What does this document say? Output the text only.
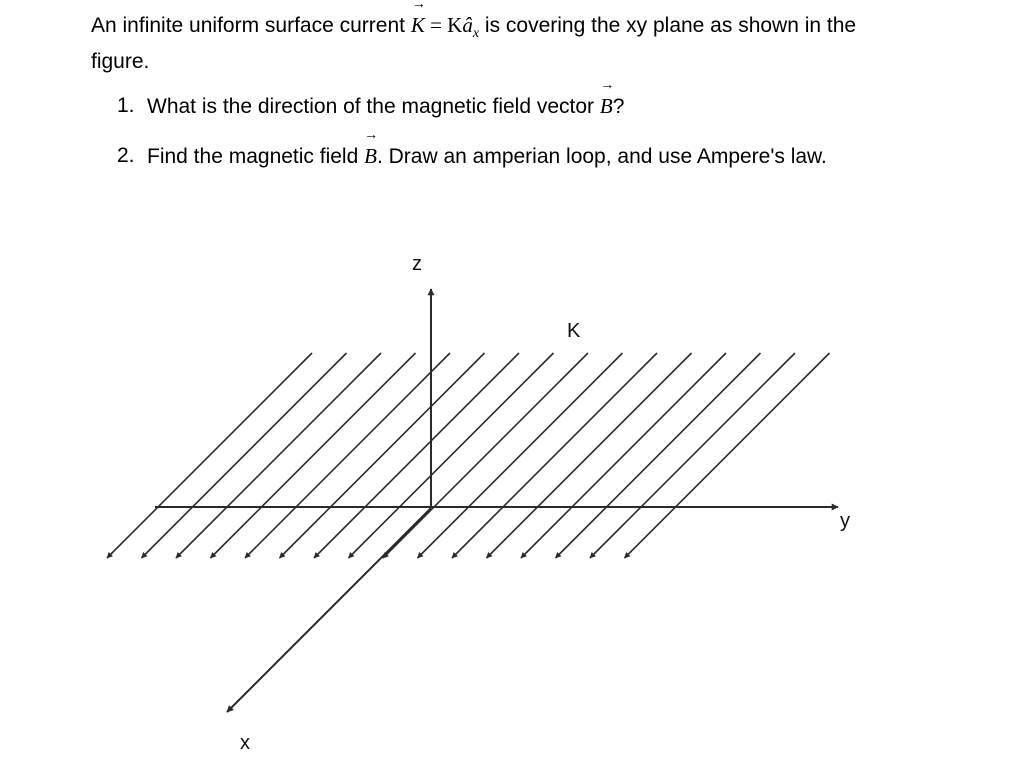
An infinite uniform surface current K
→
= $Kâ_x$ is covering the xy plane as shown in the figure.
1. What is the direction of the magnetic field vector B
→
?
2. Find the magnetic field B
→
. Draw an amperian loop, and use Ampere's law.
z
K
y
x
